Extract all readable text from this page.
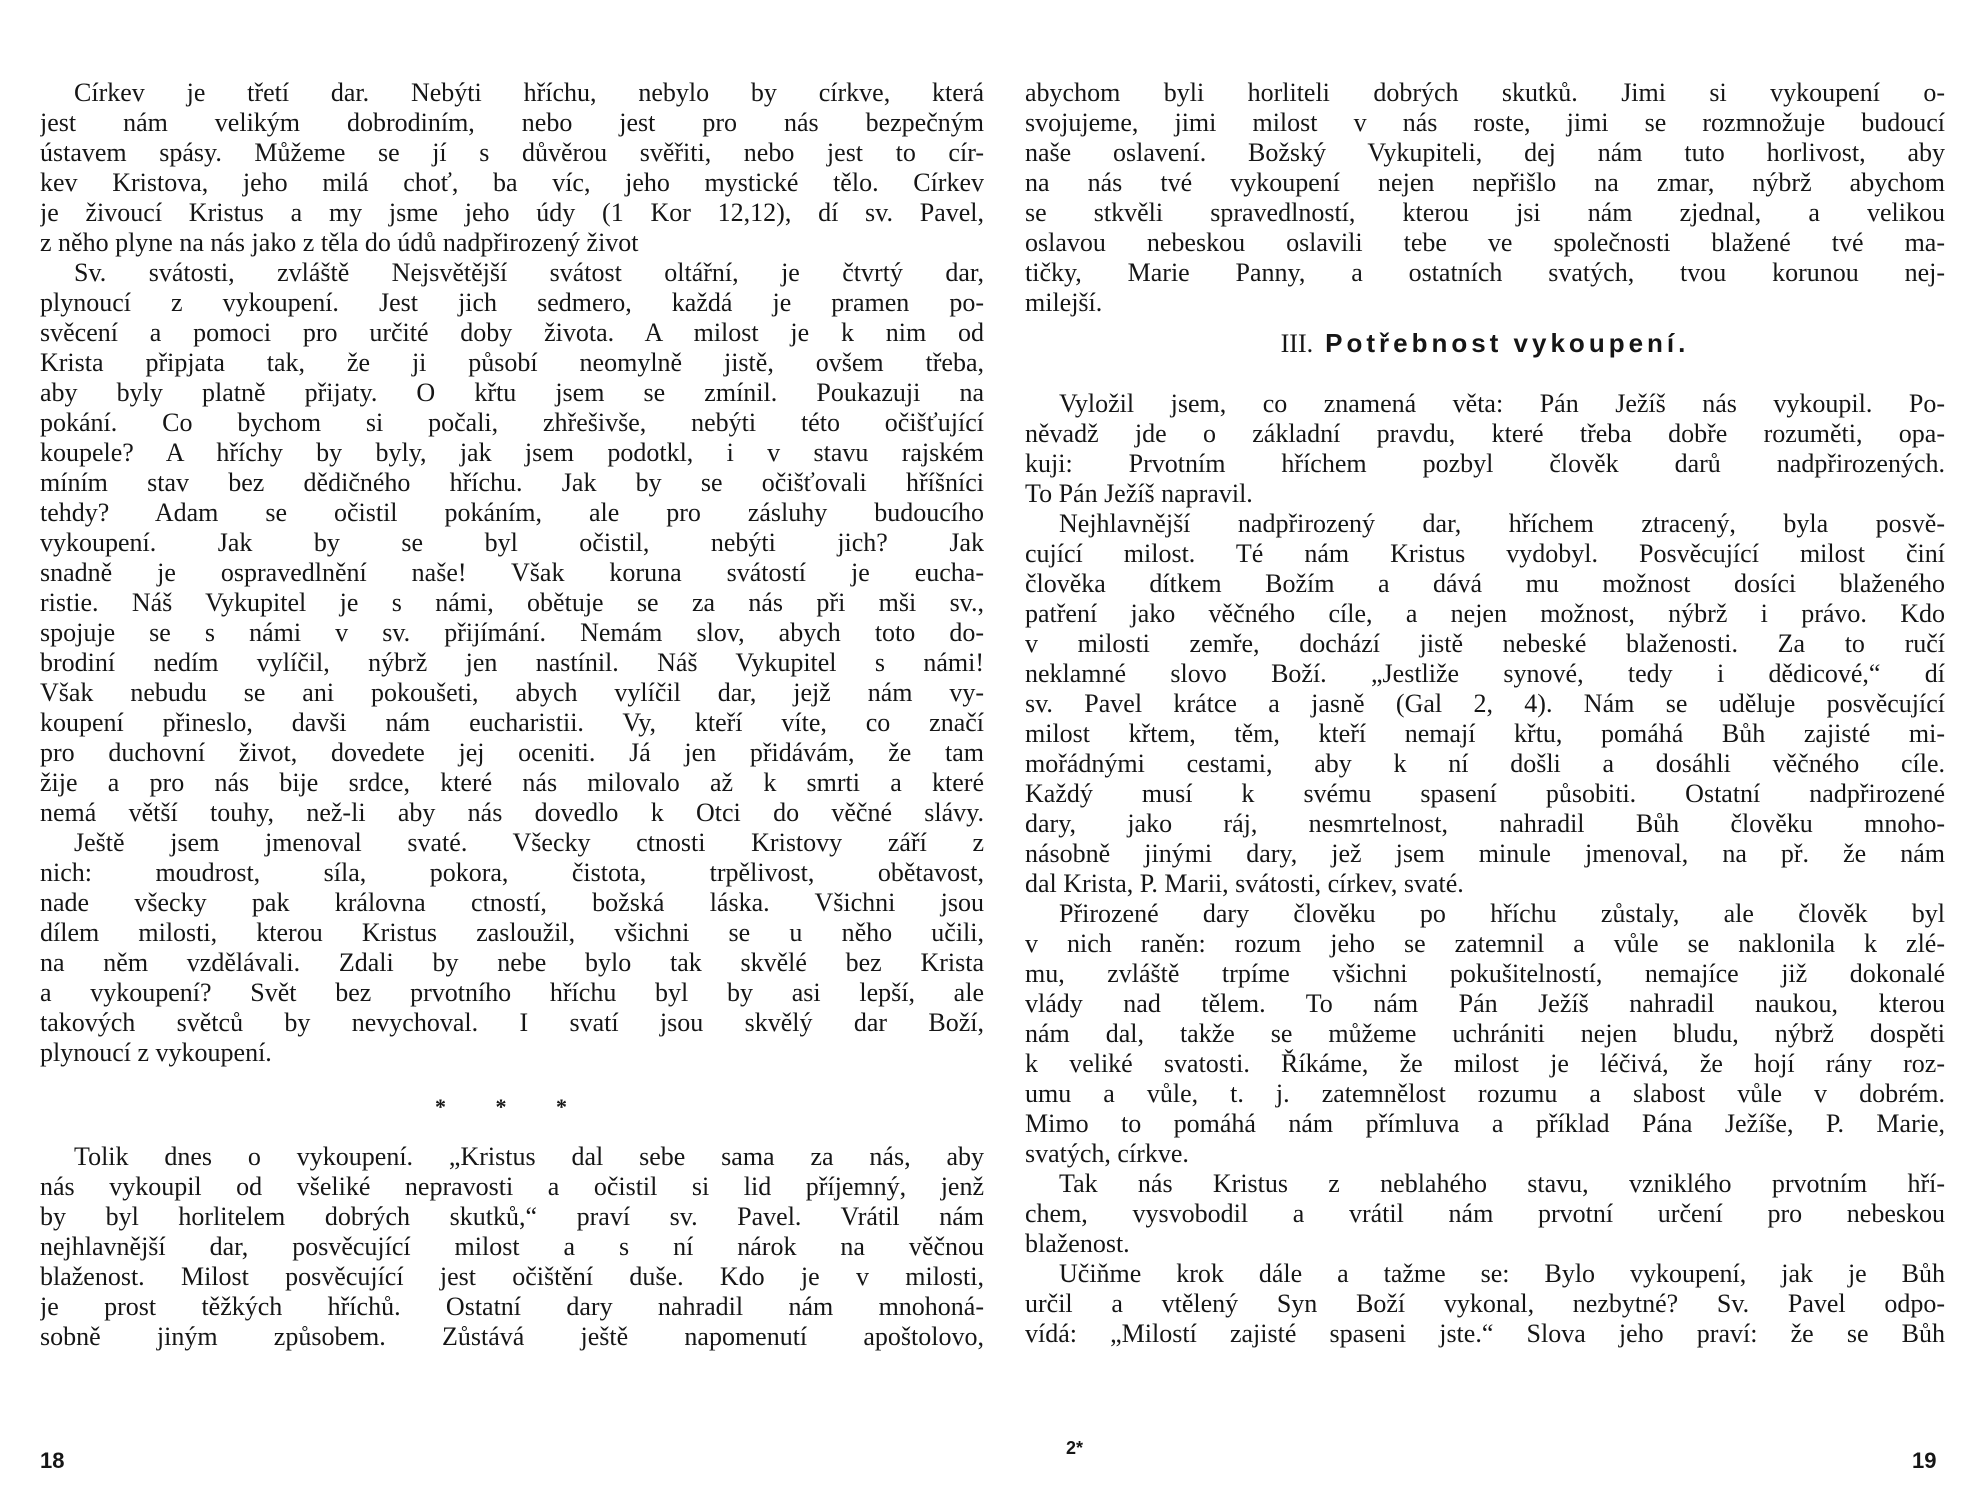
Církev je třetí dar. Nebýti hříchu, nebylo by církve, která
jest nám velikým dobrodiním, nebo jest pro nás bezpečným
ústavem spásy. Můžeme se jí s důvěrou svěřiti, nebo jest to cír-
kev Kristova, jeho milá choť, ba víc, jeho mystické tělo. Církev
je živoucí Kristus a my jsme jeho údy (1 Kor 12,12), dí sv. Pavel,
z něho plyne na nás jako z těla do údů nadpřirozený život
Sv. svátosti, zvláště Nejsvětější svátost oltářní, je čtvrtý dar,
plynoucí z vykoupení. Jest jich sedmero, každá je pramen po-
svěcení a pomoci pro určité doby života. A milost je k nim od
Krista připjata tak, že ji působí neomylně jistě, ovšem třeba,
aby byly platně přijaty. O křtu jsem se zmínil. Poukazuji na
pokání. Co bychom si počali, zhřešivše, nebýti této očišťující
koupele? A hříchy by byly, jak jsem podotkl, i v stavu rajském
míním stav bez dědičného hříchu. Jak by se očišťovali hříšníci
tehdy? Adam se očistil pokáním, ale pro zásluhy budoucího
vykoupení. Jak by se byl očistil, nebýti jich? Jak
snadně je ospravedlnění naše! Však koruna svátostí je eucha-
ristie. Náš Vykupitel je s námi, obětuje se za nás při mši sv.,
spojuje se s námi v sv. přijímání. Nemám slov, abych toto do-
brodiní nedím vylíčil, nýbrž jen nastínil. Náš Vykupitel s námi!
Však nebudu se ani pokoušeti, abych vylíčil dar, jejž nám vy-
koupení přineslo, davši nám eucharistii. Vy, kteří víte, co značí
pro duchovní život, dovedete jej oceniti. Já jen přidávám, že tam
žije a pro nás bije srdce, které nás milovalo až k smrti a které
nemá větší touhy, než-li aby nás dovedlo k Otci do věčné slávy.
Ještě jsem jmenoval svaté. Všecky ctnosti Kristovy září z
nich: moudrost, síla, pokora, čistota, trpělivost, obětavost,
nade všecky pak královna ctností, božská láska. Všichni jsou
dílem milosti, kterou Kristus zasloužil, všichni se u něho učili,
na něm vzdělávali. Zdali by nebe bylo tak skvělé bez Krista
a vykoupení? Svět bez prvotního hříchu byl by asi lepší, ale
takových světců by nevychoval. I svatí jsou skvělý dar Boží,
plynoucí z vykoupení.
* * *
Tolik dnes o vykoupení. „Kristus dal sebe sama za nás, aby
nás vykoupil od všeliké nepravosti a očistil si lid příjemný, jenž
by byl horlitelem dobrých skutků,“ praví sv. Pavel. Vrátil nám
nejhlavnější dar, posvěcující milost a s ní nárok na věčnou
blaženost. Milost posvěcující jest očištění duše. Kdo je v milosti,
je prost těžkých hříchů. Ostatní dary nahradil nám mnohoná-
sobně jiným způsobem. Zůstává ještě napomenutí apoštolovo,
abychom byli horliteli dobrých skutků. Jimi si vykoupení o-
svojujeme, jimi milost v nás roste, jimi se rozmnožuje budoucí
naše oslavení. Božský Vykupiteli, dej nám tuto horlivost, aby
na nás tvé vykoupení nejen nepřišlo na zmar, nýbrž abychom
se stkvěli spravedlností, kterou jsi nám zjednal, a velikou
oslavou nebeskou oslavili tebe ve společnosti blažené tvé ma-
tičky, Marie Panny, a ostatních svatých, tvou korunou nej-
milejší.
III. Potřebnost vykoupení.
Vyložil jsem, co znamená věta: Pán Ježíš nás vykoupil. Po-
něvadž jde o základní pravdu, které třeba dobře rozuměti, opa-
kuji: Prvotním hříchem pozbyl člověk darů nadpřirozených.
To Pán Ježíš napravil.
Nejhlavnější nadpřirozený dar, hříchem ztracený, byla posvě-
cující milost. Té nám Kristus vydobyl. Posvěcující milost činí
člověka dítkem Božím a dává mu možnost dosíci blaženého
patření jako věčného cíle, a nejen možnost, nýbrž i právo. Kdo
v milosti zemře, dochází jistě nebeské blaženosti. Za to ručí
neklamné slovo Boží. „Jestliže synové, tedy i dědicové,“ dí
sv. Pavel krátce a jasně (Gal 2, 4). Nám se uděluje posvěcující
milost křtem, těm, kteří nemají křtu, pomáhá Bůh zajisté mi-
mořádnými cestami, aby k ní došli a dosáhli věčného cíle.
Každý musí k svému spasení působiti. Ostatní nadpřirozené
dary, jako ráj, nesmrtelnost, nahradil Bůh člověku mnoho-
násobně jinými dary, jež jsem minule jmenoval, na př. že nám
dal Krista, P. Marii, svátosti, církev, svaté.
Přirozené dary člověku po hříchu zůstaly, ale člověk byl
v nich raněn: rozum jeho se zatemnil a vůle se naklonila k zlé-
mu, zvláště trpíme všichni pokušitelností, nemajíce již dokonalé
vlády nad tělem. To nám Pán Ježíš nahradil naukou, kterou
nám dal, takže se můžeme uchrániti nejen bludu, nýbrž dospěti
k veliké svatosti. Říkáme, že milost je léčivá, že hojí rány roz-
umu a vůle, t. j. zatemnělost rozumu a slabost vůle v dobrém.
Mimo to pomáhá nám přímluva a příklad Pána Ježíše, P. Marie,
svatých, církve.
Tak nás Kristus z neblahého stavu, vzniklého prvotním hří-
chem, vysvobodil a vrátil nám prvotní určení pro nebeskou
blaženost.
Učiňme krok dále a tažme se: Bylo vykoupení, jak je Bůh
určil a vtělený Syn Boží vykonal, nezbytné? Sv. Pavel odpo-
vídá: „Milostí zajisté spaseni jste.“ Slova jeho praví: že se Bůh
18	2*	19
